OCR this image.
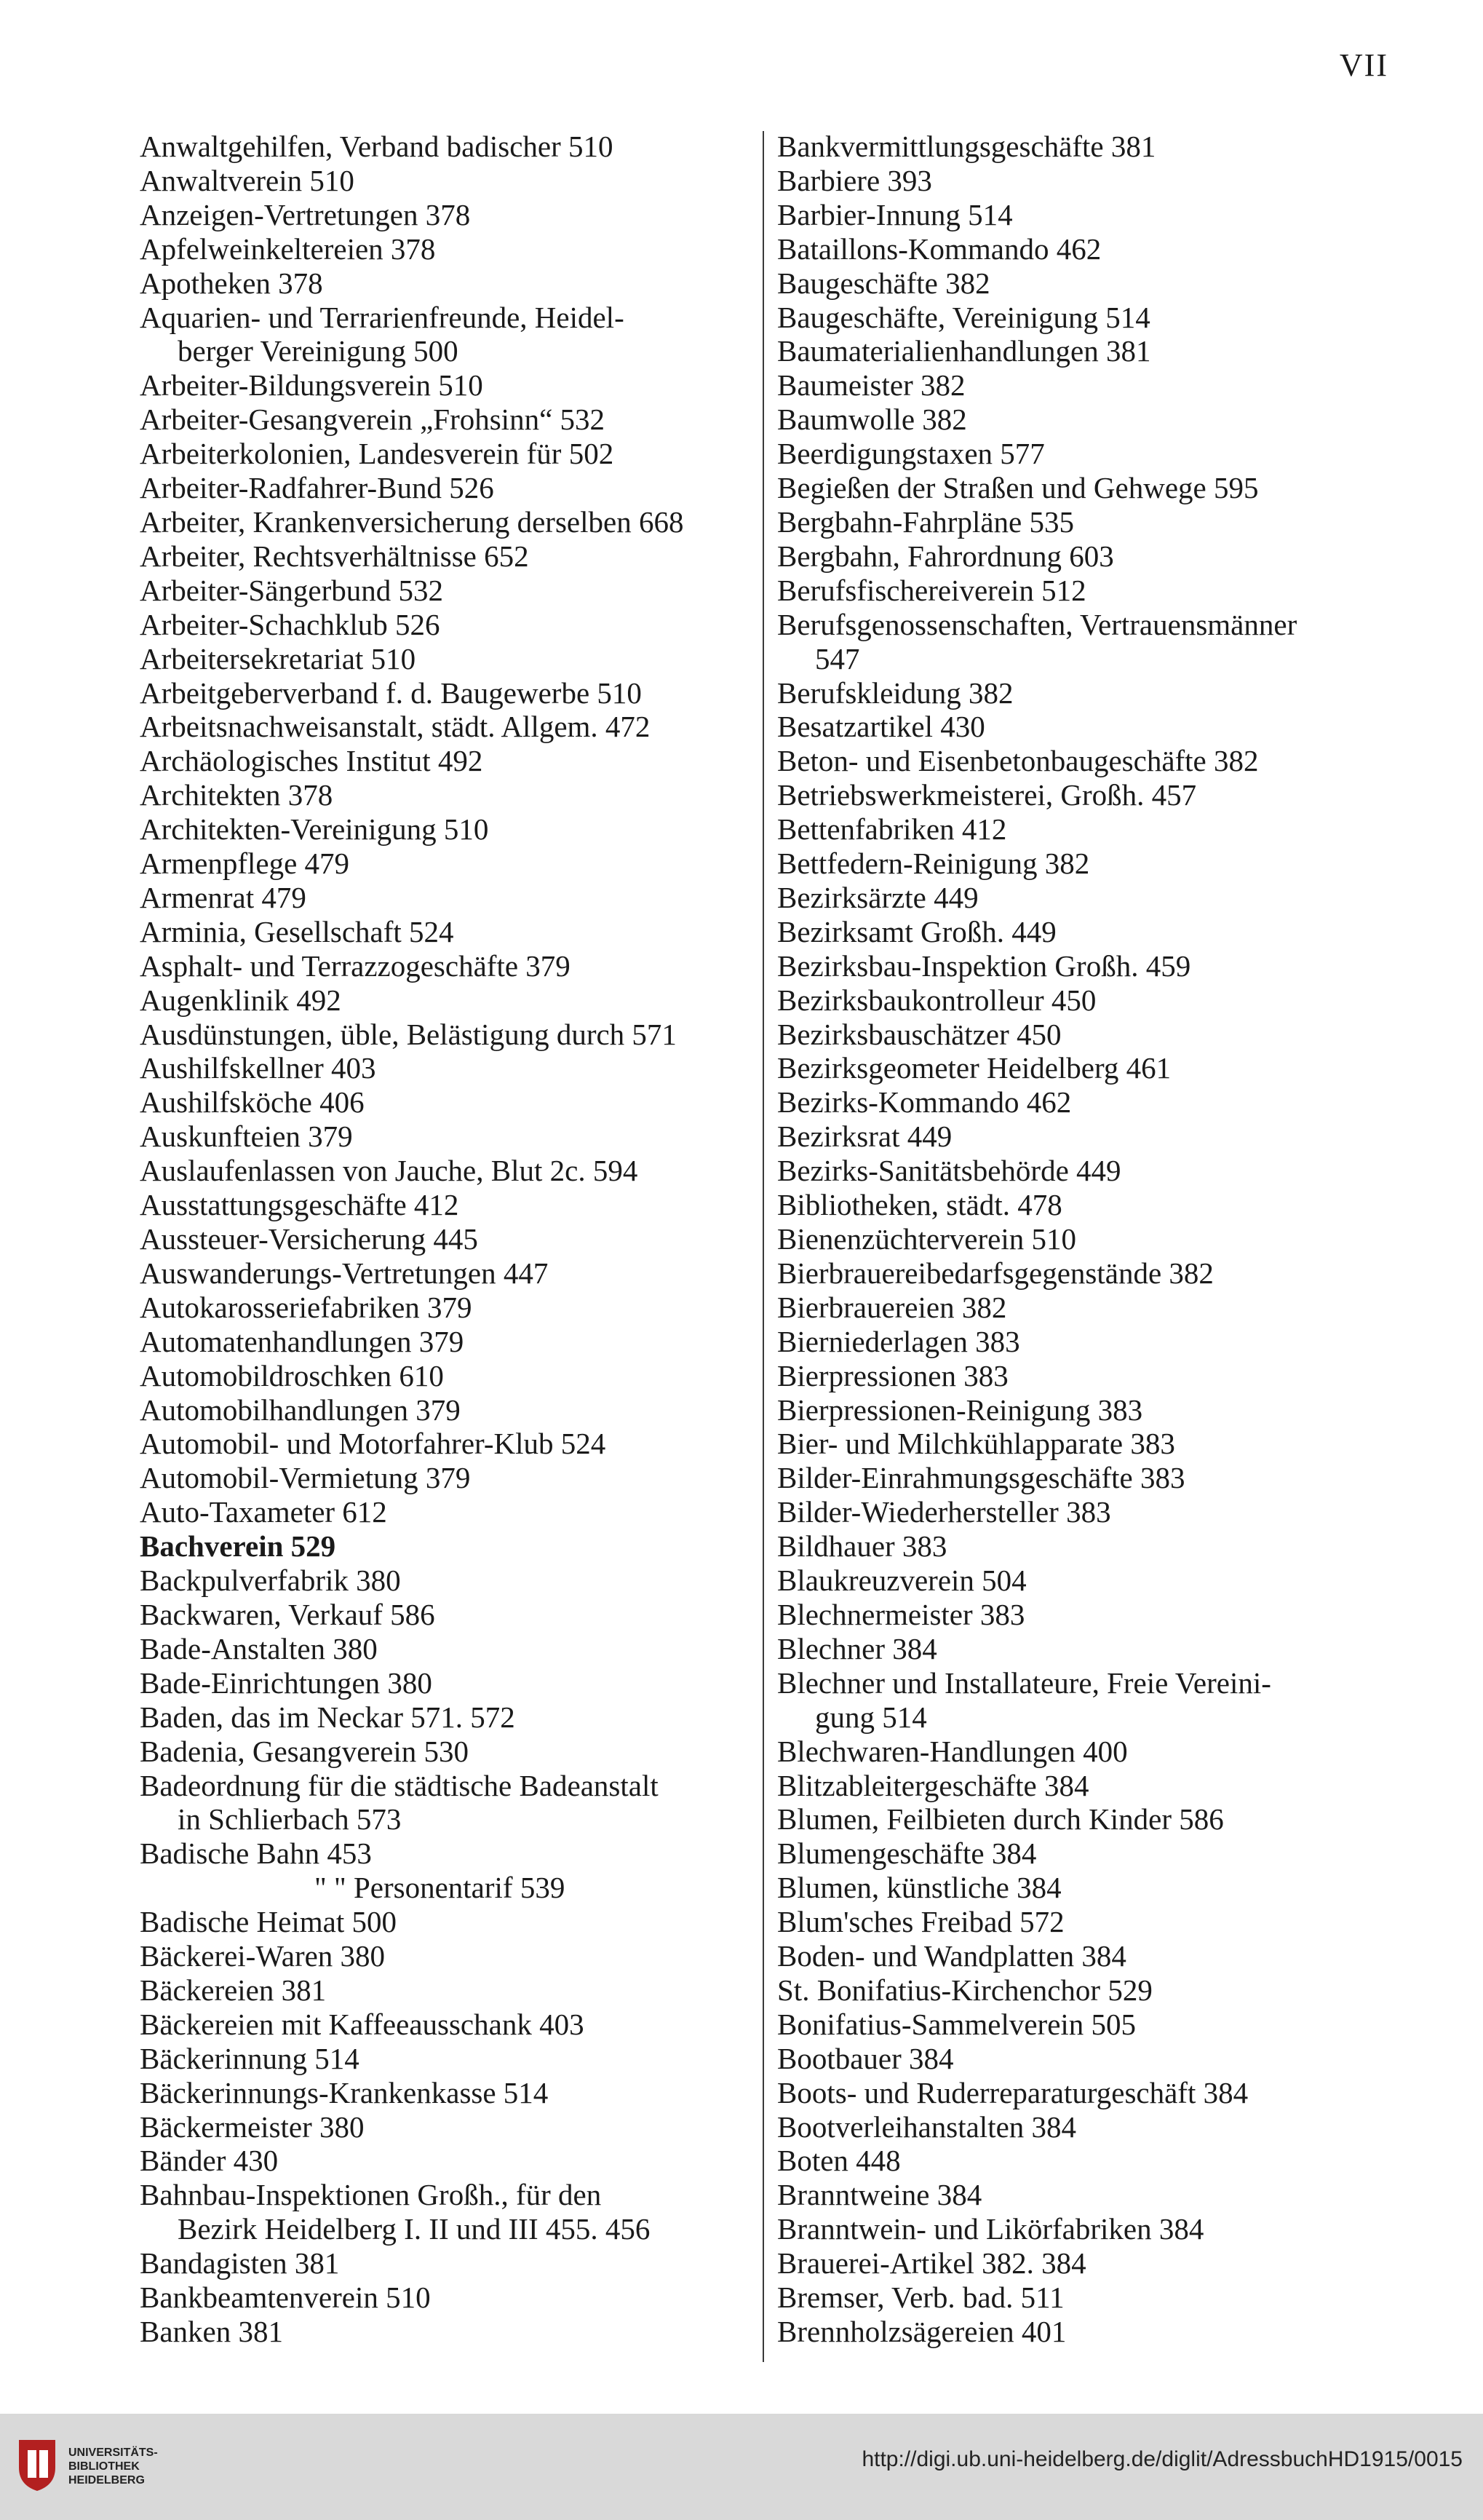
VII
Anwaltgehilfen, Verband badischer 510
Anwaltverein 510
Anzeigen-Vertretungen 378
Apfelweinkeltereien 378
Apotheken 378
Aquarien- und Terrarienfreunde, Heidel-
berger Vereinigung 500
Arbeiter-Bildungsverein 510
Arbeiter-Gesangverein „Frohsinn“ 532
Arbeiterkolonien, Landesverein für 502
Arbeiter-Radfahrer-Bund 526
Arbeiter, Krankenversicherung derselben 668
Arbeiter, Rechtsverhältnisse 652
Arbeiter-Sängerbund 532
Arbeiter-Schachklub 526
Arbeitersekretariat 510
Arbeitgeberverband f. d. Baugewerbe 510
Arbeitsnachweisanstalt, städt. Allgem. 472
Archäologisches Institut 492
Architekten 378
Architekten-Vereinigung 510
Armenpflege 479
Armenrat 479
Arminia, Gesellschaft 524
Asphalt- und Terrazzogeschäfte 379
Augenklinik 492
Ausdünstungen, üble, Belästigung durch 571
Aushilfskellner 403
Aushilfsköche 406
Auskunfteien 379
Auslaufenlassen von Jauche, Blut 2c. 594
Ausstattungsgeschäfte 412
Aussteuer-Versicherung 445
Auswanderungs-Vertretungen 447
Autokarosseriefabriken 379
Automatenhandlungen 379
Automobildroschken 610
Automobilhandlungen 379
Automobil- und Motorfahrer-Klub 524
Automobil-Vermietung 379
Auto-Taxameter 612
Bachverein 529
Backpulverfabrik 380
Backwaren, Verkauf 586
Bade-Anstalten 380
Bade-Einrichtungen 380
Baden, das im Neckar 571. 572
Badenia, Gesangverein 530
Badeordnung für die städtische Badeanstalt
in Schlierbach 573
Badische Bahn 453
" " Personentarif 539
Badische Heimat 500
Bäckerei-Waren 380
Bäckereien 381
Bäckereien mit Kaffeeausschank 403
Bäckerinnung 514
Bäckerinnungs-Krankenkasse 514
Bäckermeister 380
Bänder 430
Bahnbau-Inspektionen Großh., für den
Bezirk Heidelberg I. II und III 455. 456
Bandagisten 381
Bankbeamtenverein 510
Banken 381
Bankvermittlungsgeschäfte 381
Barbiere 393
Barbier-Innung 514
Bataillons-Kommando 462
Baugeschäfte 382
Baugeschäfte, Vereinigung 514
Baumaterialienhandlungen 381
Baumeister 382
Baumwolle 382
Beerdigungstaxen 577
Begießen der Straßen und Gehwege 595
Bergbahn-Fahrpläne 535
Bergbahn, Fahrordnung 603
Berufsfischereiverein 512
Berufsgenossenschaften, Vertrauensmänner
547
Berufskleidung 382
Besatzartikel 430
Beton- und Eisenbetonbaugeschäfte 382
Betriebswerkmeisterei, Großh. 457
Bettenfabriken 412
Bettfedern-Reinigung 382
Bezirksärzte 449
Bezirksamt Großh. 449
Bezirksbau-Inspektion Großh. 459
Bezirksbaukontrolleur 450
Bezirksbauschätzer 450
Bezirksgeometer Heidelberg 461
Bezirks-Kommando 462
Bezirksrat 449
Bezirks-Sanitätsbehörde 449
Bibliotheken, städt. 478
Bienenzüchterverein 510
Bierbrauereibedarfsgegenstände 382
Bierbrauereien 382
Bierniederlagen 383
Bierpressionen 383
Bierpressionen-Reinigung 383
Bier- und Milchkühlapparate 383
Bilder-Einrahmungsgeschäfte 383
Bilder-Wiederhersteller 383
Bildhauer 383
Blaukreuzverein 504
Blechnermeister 383
Blechner 384
Blechner und Installateure, Freie Vereini-
gung 514
Blechwaren-Handlungen 400
Blitzableitergeschäfte 384
Blumen, Feilbieten durch Kinder 586
Blumengeschäfte 384
Blumen, künstliche 384
Blum'sches Freibad 572
Boden- und Wandplatten 384
St. Bonifatius-Kirchenchor 529
Bonifatius-Sammelverein 505
Bootbauer 384
Boots- und Ruderreparaturgeschäft 384
Bootverleihanstalten 384
Boten 448
Branntweine 384
Branntwein- und Likörfabriken 384
Brauerei-Artikel 382. 384
Bremser, Verb. bad. 511
Brennholzsägereien 401
UNIVERSITÄTS-
BIBLIOTHEK
HEIDELBERG
http://digi.ub.uni-heidelberg.de/diglit/AdressbuchHD1915/0015
